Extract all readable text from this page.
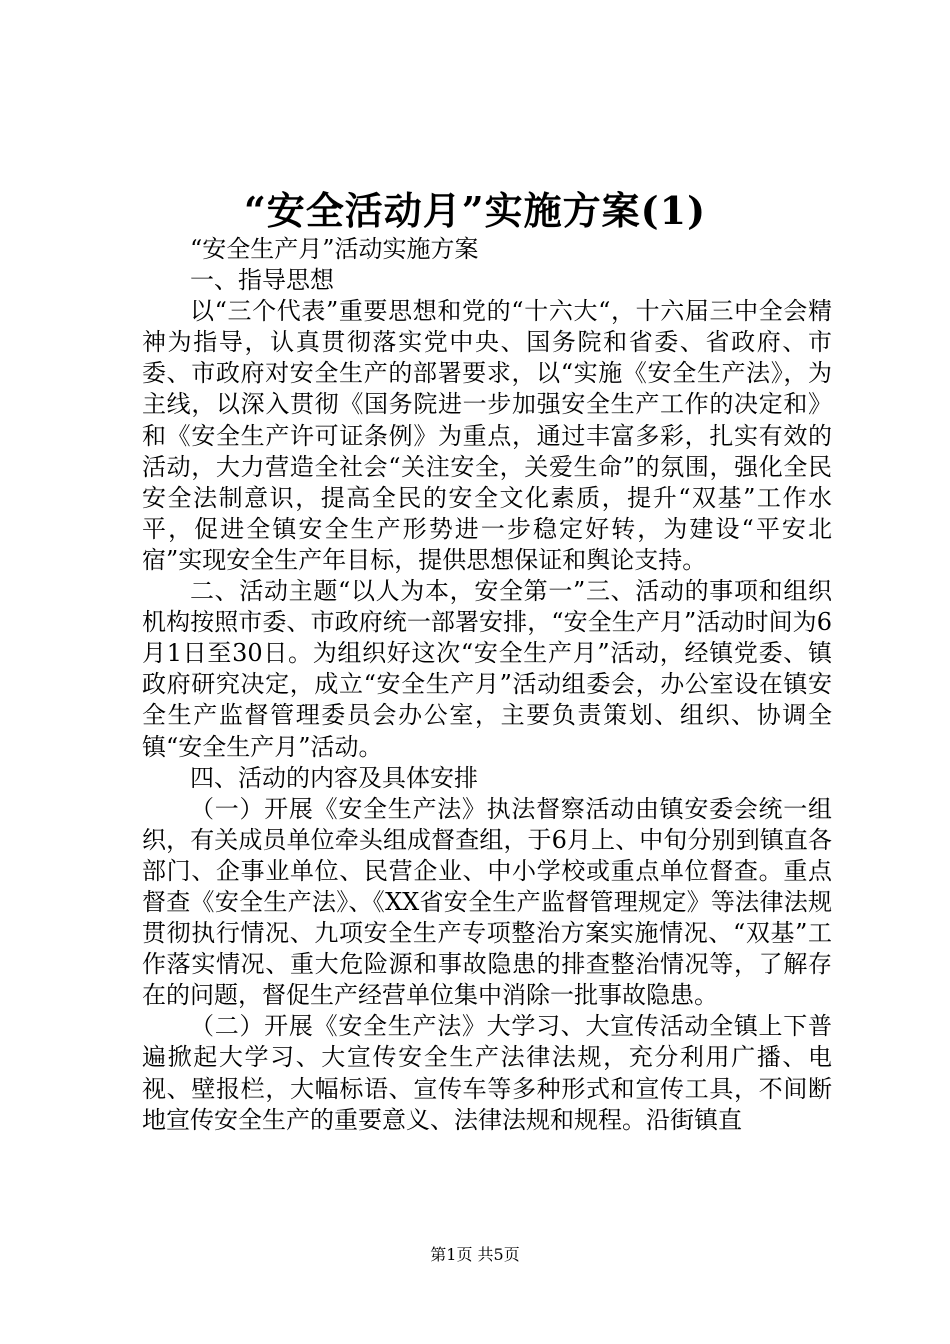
“安全活动月”实施方案(1)

“安全生产月”活动实施方案

一、指导思想

以“三个代表”重要思想和党的“十六大“，十六届三中全会精神为指导，认真贯彻落实党中央、国务院和省委、省政府、市委、市政府对安全生产的部署要求，以“实施《安全生产法》，为主线，以深入贯彻《国务院进一步加强安全生产工作的决定和》和《安全生产许可证条例》为重点，通过丰富多彩，扎实有效的活动，大力营造全社会“关注安全，关爱生命”的氛围，强化全民安全法制意识，提高全民的安全文化素质，提升“双基”工作水平，促进全镇安全生产形势进一步稳定好转，为建设“平安北宿”实现安全生产年目标，提供思想保证和舆论支持。

二、活动主题“以人为本，安全第一”三、活动的事项和组织机构按照市委、市政府统一部署安排，“安全生产月”活动时间为6月1日至30日。为组织好这次“安全生产月”活动，经镇党委、镇政府研究决定，成立“安全生产月”活动组委会，办公室设在镇安全生产监督管理委员会办公室，主要负责策划、组织、协调全镇“安全生产月”活动。

四、活动的内容及具体安排

（一）开展《安全生产法》执法督察活动由镇安委会统一组织，有关成员单位牵头组成督查组，于6月上、中旬分别到镇直各部门、企事业单位、民营企业、中小学校或重点单位督查。重点督查《安全生产法》、《XX省安全生产监督管理规定》等法律法规贯彻执行情况、九项安全生产专项整治方案实施情况、“双基”工作落实情况、重大危险源和事故隐患的排查整治情况等，了解存在的问题，督促生产经营单位集中消除一批事故隐患。

（二）开展《安全生产法》大学习、大宣传活动全镇上下普遍掀起大学习、大宣传安全生产法律法规，充分利用广播、电视、壁报栏，大幅标语、宣传车等多种形式和宣传工具，不间断地宣传安全生产的重要意义、法律法规和规程。沿街镇直

第1页 共5页
